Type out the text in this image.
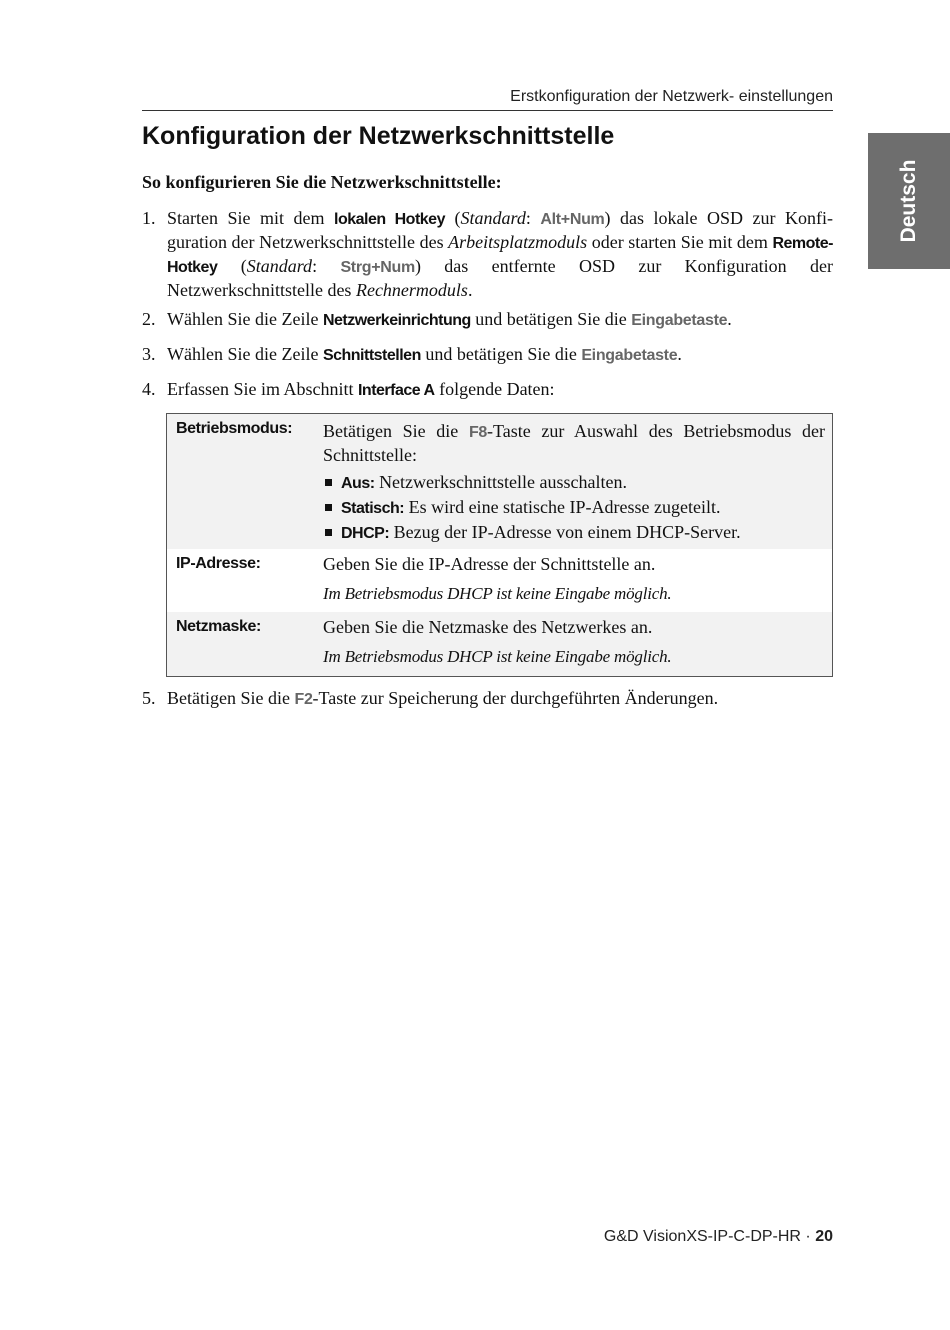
Erstkonfiguration der Netzwerk- einstellungen
Deutsch
Konfiguration der Netzwerkschnittstelle
So konfigurieren Sie die Netzwerkschnittstelle:
1. Starten Sie mit dem lokalen Hotkey (Standard: Alt+Num) das lokale OSD zur Konfi- guration der Netzwerkschnittstelle des Arbeitsplatzmoduls oder starten Sie mit dem Remote-Hotkey (Standard: Strg+Num) das entfernte OSD zur Konfiguration der Netzwerkschnittstelle des Rechnermoduls.
2. Wählen Sie die Zeile Netzwerkeinrichtung und betätigen Sie die Eingabetaste.
3. Wählen Sie die Zeile Schnittstellen und betätigen Sie die Eingabetaste.
4. Erfassen Sie im Abschnitt Interface A folgende Daten:
Betriebsmodus: Betätigen Sie die F8-Taste zur Auswahl des Betriebsmodus der Schnittstelle:
Aus: Netzwerkschnittstelle ausschalten.
Statisch: Es wird eine statische IP-Adresse zugeteilt.
DHCP: Bezug der IP-Adresse von einem DHCP-Server.
IP-Adresse:	Geben Sie die IP-Adresse der Schnittstelle an.
Im Betriebsmodus DHCP ist keine Eingabe möglich.
Netzmaske:	Geben Sie die Netzmaske des Netzwerkes an.
Im Betriebsmodus DHCP ist keine Eingabe möglich.
5. Betätigen Sie die F2-Taste zur Speicherung der durchgeführten Änderungen.
G&D VisionXS-IP-C-DP-HR · 20
